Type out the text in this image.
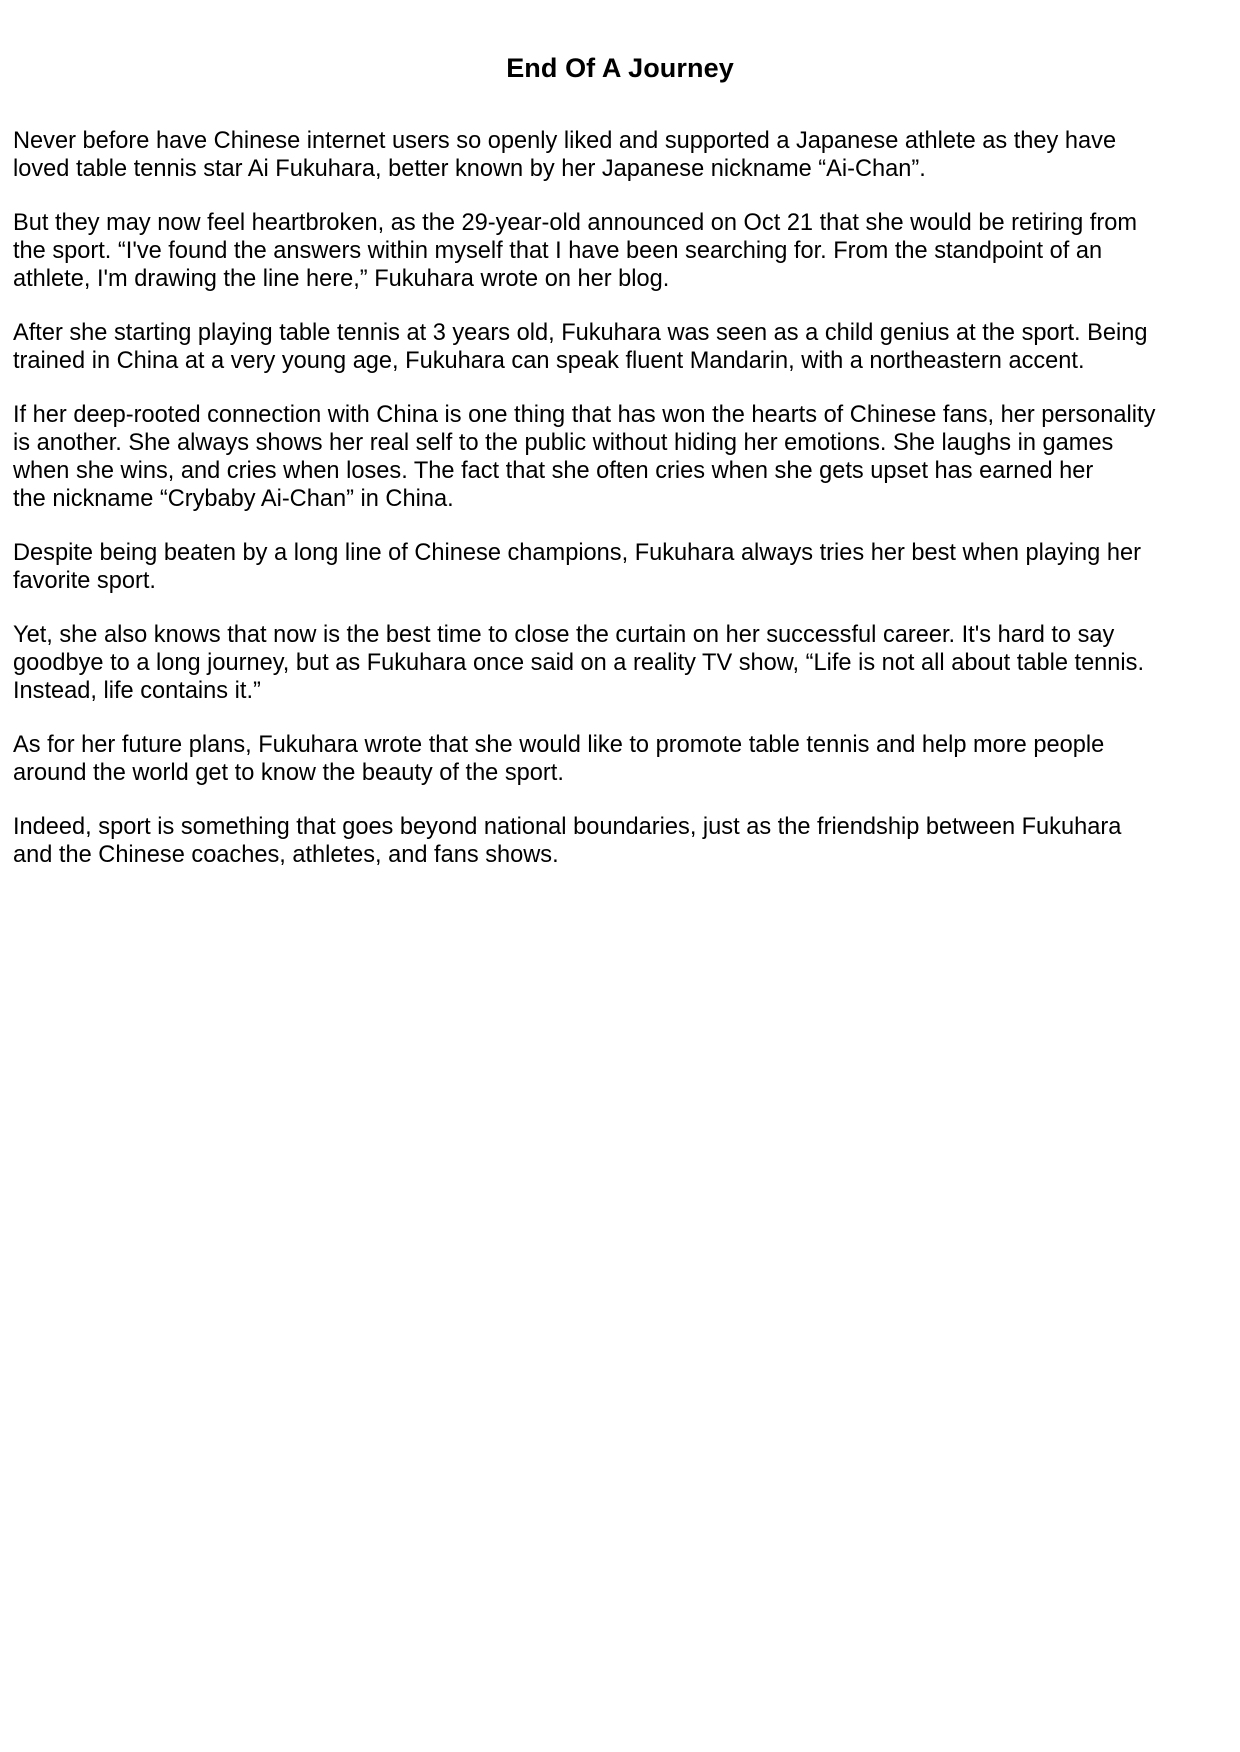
End Of A Journey

Never before have Chinese internet users so openly liked and supported a Japanese athlete as they have
loved table tennis star Ai Fukuhara, better known by her Japanese nickname “Ai-Chan”.

But they may now feel heartbroken, as the 29-year-old announced on Oct 21 that she would be retiring from
the sport. “I've found the answers within myself that I have been searching for. From the standpoint of an
athlete, I'm drawing the line here,” Fukuhara wrote on her blog.

After she starting playing table tennis at 3 years old, Fukuhara was seen as a child genius at the sport. Being
trained in China at a very young age, Fukuhara can speak fluent Mandarin, with a northeastern accent.

If her deep-rooted connection with China is one thing that has won the hearts of Chinese fans, her personality
is another. She always shows her real self to the public without hiding her emotions. She laughs in games
when she wins, and cries when loses. The fact that she often cries when she gets upset has earned her
the nickname “Crybaby Ai-Chan” in China.

Despite being beaten by a long line of Chinese champions, Fukuhara always tries her best when playing her
favorite sport.

Yet, she also knows that now is the best time to close the curtain on her successful career. It's hard to say
goodbye to a long journey, but as Fukuhara once said on a reality TV show, “Life is not all about table tennis.
Instead, life contains it.”

As for her future plans, Fukuhara wrote that she would like to promote table tennis and help more people
around the world get to know the beauty of the sport.

Indeed, sport is something that goes beyond national boundaries, just as the friendship between Fukuhara
and the Chinese coaches, athletes, and fans shows.
